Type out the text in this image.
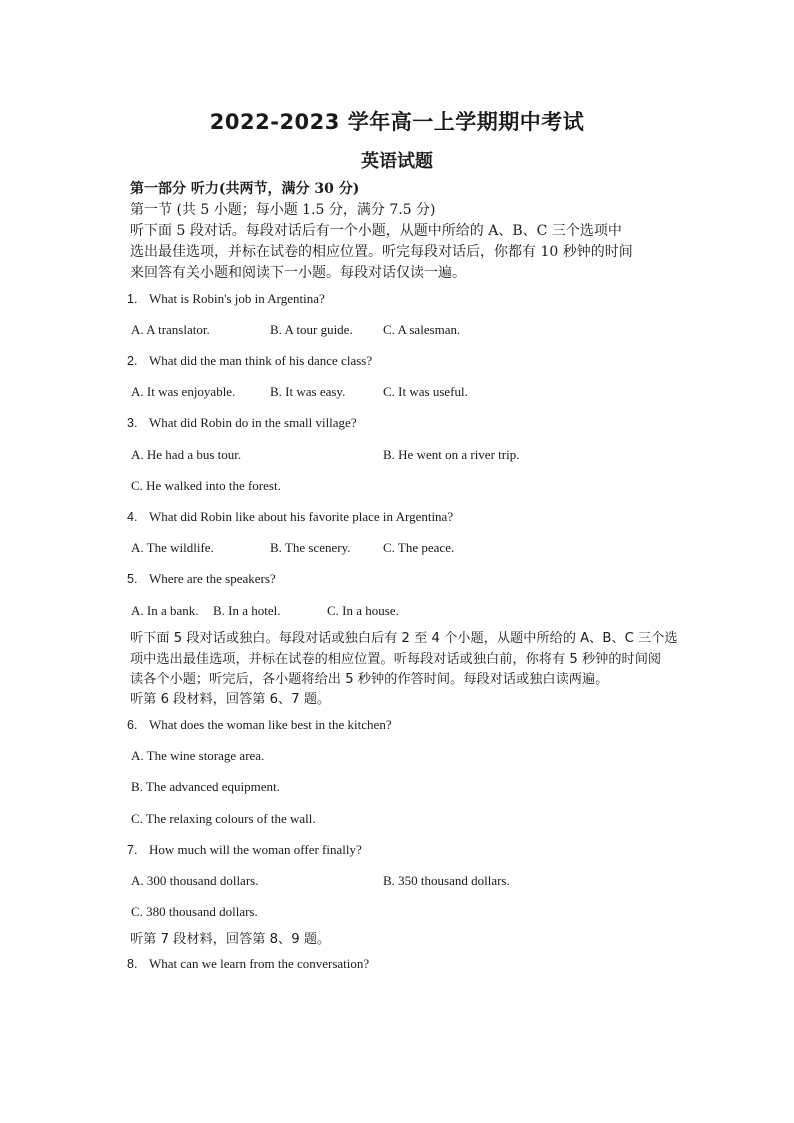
2022-2023 学年高一上学期期中考试
英语试题
第一部分 听力(共两节，满分 30 分)
第一节 (共 5 小题；每小题 1.5 分，满分 7.5 分)
听下面 5 段对话。每段对话后有一个小题，从题中所给的 A、B、C 三个选项中
选出最佳选项，并标在试卷的相应位置。听完每段对话后，你都有 10 秒钟的时间
来回答有关小题和阅读下一小题。每段对话仅读一遍。
1. What is Robin's job in Argentina?
A. A translator.	B. A tour guide. C. A salesman.
2. What did the man think of his dance class?
A. It was enjoyable.	B. It was easy.	C. It was useful.
3. What did Robin do in the small village?
A. He had a bus tour.	B. He went on a river trip.
C. He walked into the forest.
4. What did Robin like about his favorite place in Argentina?
A. The wildlife.	B. The scenery. C. The peace.
5. Where are the speakers?
A. In a bank. B. In a hotel.	C. In a house.
听下面 5 段对话或独白。每段对话或独白后有 2 至 4 个小题，从题中所给的 A、B、C 三个选
项中选出最佳选项，并标在试卷的相应位置。听每段对话或独白前，你将有 5 秒钟的时间阅
读各个小题；听完后，各小题将给出 5 秒钟的作答时间。每段对话或独白读两遍。
听第 6 段材料，回答第 6、7 题。
6. What does the woman like best in the kitchen?
A. The wine storage area.
B. The advanced equipment.
C. The relaxing colours of the wall.
7. How much will the woman offer finally?
A. 300 thousand dollars.	B. 350 thousand dollars.
C. 380 thousand dollars.
听第 7 段材料，回答第 8、9 题。
8. What can we learn from the conversation?
